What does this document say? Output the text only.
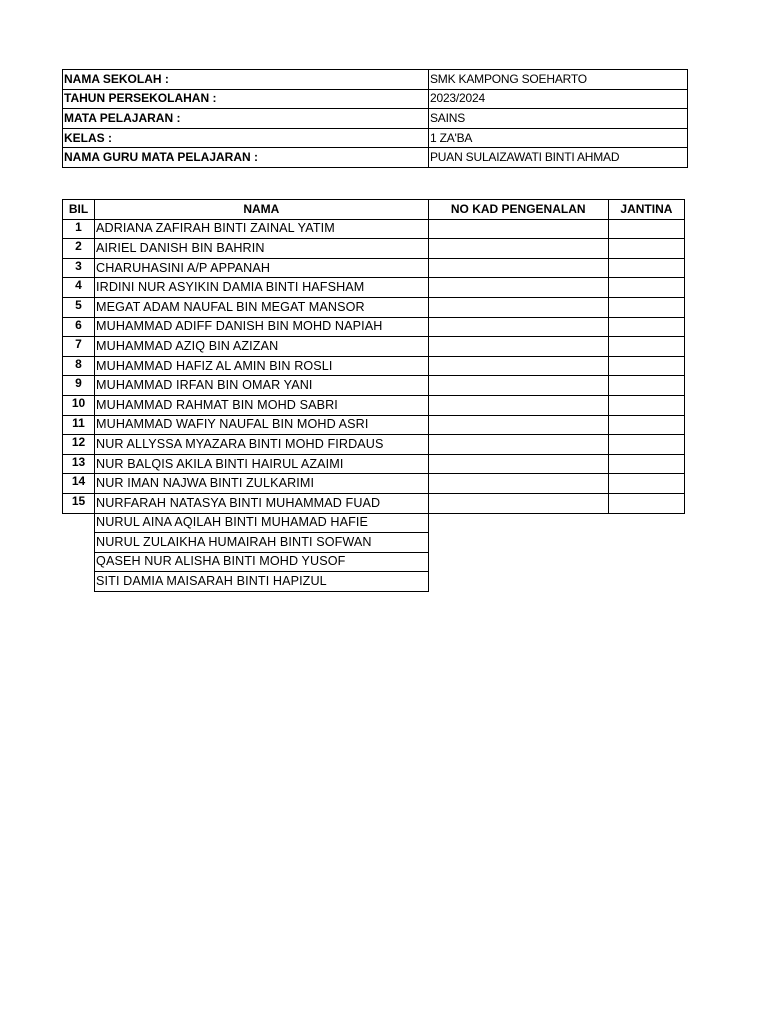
NAMA SEKOLAH :	SMK KAMPONG SOEHARTO
TAHUN PERSEKOLAHAN :	2023/2024
MATA PELAJARAN :	SAINS
KELAS :	1 ZA'BA
NAMA GURU MATA PELAJARAN :	PUAN SULAIZAWATI BINTI AHMAD
BIL	NAMA	NO KAD PENGENALAN	JANTINA
1	ADRIANA ZAFIRAH BINTI ZAINAL YATIM		
2	AIRIEL DANISH BIN BAHRIN		
3	CHARUHASINI A/P APPANAH		
4	IRDINI NUR ASYIKIN DAMIA BINTI HAFSHAM		
5	MEGAT ADAM NAUFAL BIN MEGAT MANSOR		
6	MUHAMMAD ADIFF DANISH BIN MOHD NAPIAH		
7	MUHAMMAD AZIQ BIN AZIZAN		
8	MUHAMMAD HAFIZ AL AMIN BIN ROSLI		
9	MUHAMMAD IRFAN BIN OMAR YANI		
10	MUHAMMAD RAHMAT BIN MOHD SABRI		
11	MUHAMMAD WAFIY NAUFAL BIN MOHD ASRI		
12	NUR ALLYSSA MYAZARA BINTI MOHD FIRDAUS		
13	NUR BALQIS AKILA BINTI HAIRUL AZAIMI		
14	NUR IMAN NAJWA BINTI ZULKARIMI		
15	NURFARAH NATASYA BINTI MUHAMMAD FUAD		
	NURUL AINA AQILAH BINTI MUHAMAD HAFIE		
	NURUL ZULAIKHA HUMAIRAH BINTI SOFWAN		
	QASEH NUR ALISHA BINTI MOHD YUSOF		
	SITI DAMIA MAISARAH BINTI HAPIZUL		
